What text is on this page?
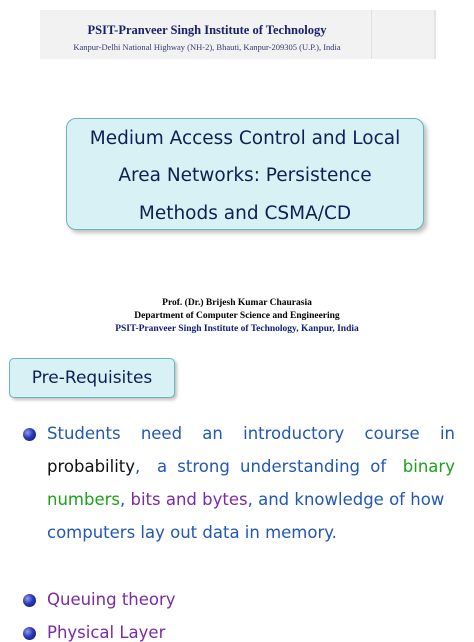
PSIT-Pranveer Singh Institute of Technology
Kanpur-Delhi National Highway (NH-2), Bhauti, Kanpur-209305 (U.P.), India
Medium Access Control and Local
Area Networks: Persistence
Methods and CSMA/CD
Prof. (Dr.) Brijesh Kumar Chaurasia
Department of Computer Science and Engineering
PSIT-Pranveer Singh Institute of Technology, Kanpur, India
Pre-Requisites
Students need an introductory course in
probability, a strong understanding of binary
numbers, bits and bytes, and knowledge of how
computers lay out data in memory.
Queuing theory
Physical Layer
